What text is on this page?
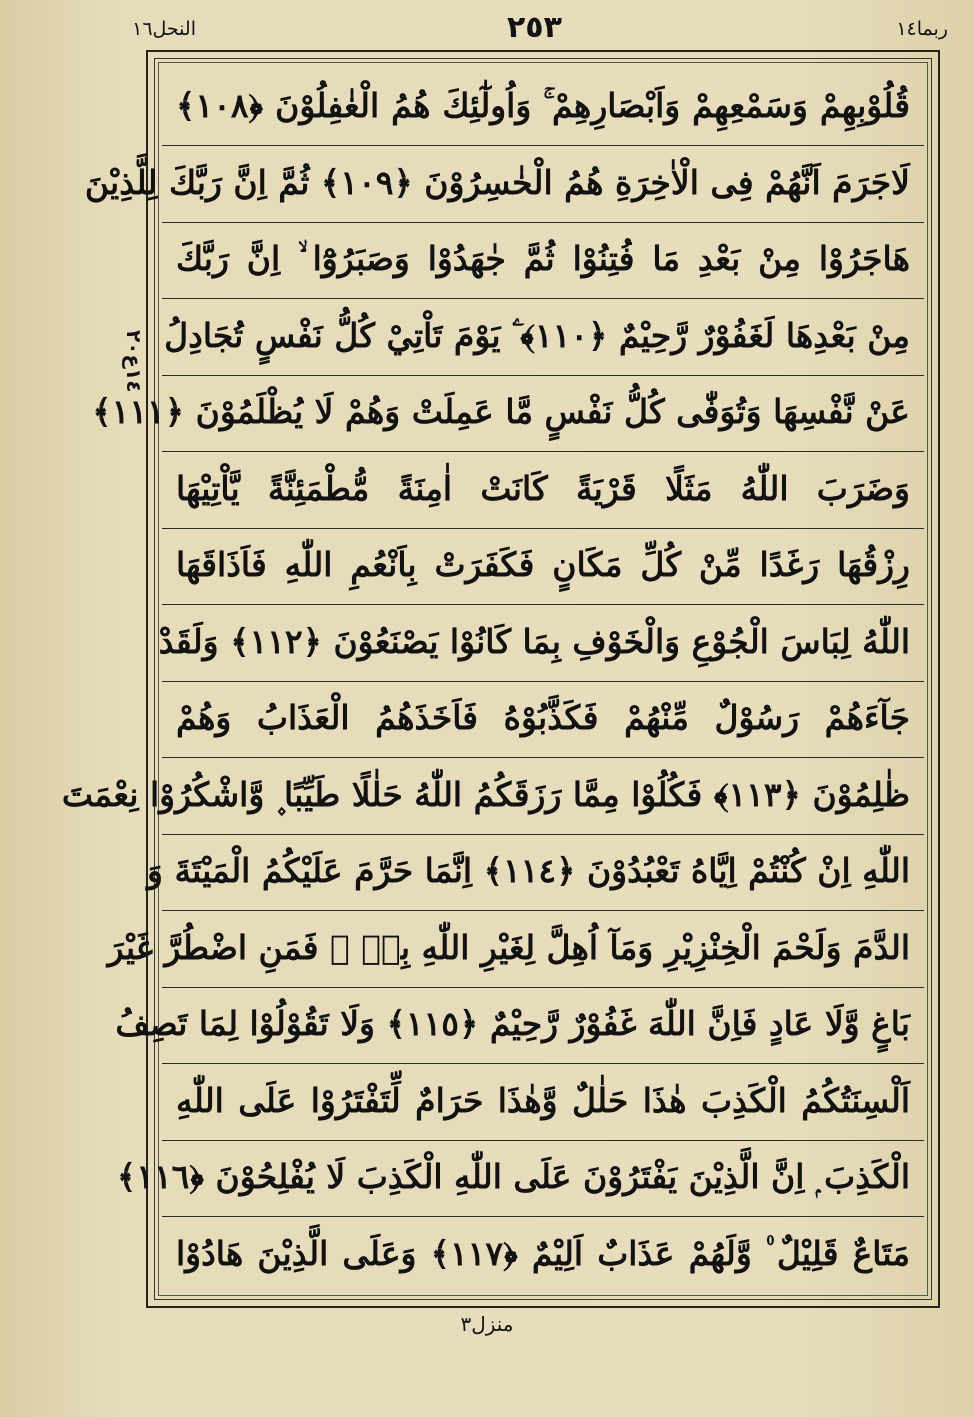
النحل١٦	٢٥٣	ربما١٤
١٤ع٢٠
قُلُوْبِهِمْ وَسَمْعِهِمْ وَاَبْصَارِهِمْ ۚ وَاُولٰٓئِكَ هُمُ الْغٰفِلُوْنَ ﴿١٠٨﴾
لَاجَرَمَ اَنَّهُمْ فِى الْاٰخِرَةِ هُمُ الْخٰسِرُوْنَ ﴿١٠٩﴾ ثُمَّ اِنَّ رَبَّكَ لِلَّذِيْنَ
هَاجَرُوْا مِنْ بَعْدِ مَا فُتِنُوْا ثُمَّ جٰهَدُوْا وَصَبَرُوْٓا ۙ اِنَّ رَبَّكَ
مِنْ بَعْدِهَا لَغَفُوْرٌ رَّحِيْمٌ ﴿١١٠﴾ ۧ يَوْمَ تَاْتِيْ كُلُّ نَفْسٍ تُجَادِلُ
عَنْ نَّفْسِهَا وَتُوَفّٰى كُلُّ نَفْسٍ مَّا عَمِلَتْ وَهُمْ لَا يُظْلَمُوْنَ ﴿١١١﴾
وَضَرَبَ اللّٰهُ مَثَلًا قَرْيَةً كَانَتْ اٰمِنَةً مُّطْمَئِنَّةً يَّاْتِيْهَا
رِزْقُهَا رَغَدًا مِّنْ كُلِّ مَكَانٍ فَكَفَرَتْ بِاَنْعُمِ اللّٰهِ فَاَذَاقَهَا
اللّٰهُ لِبَاسَ الْجُوْعِ وَالْخَوْفِ بِمَا كَانُوْا يَصْنَعُوْنَ ﴿١١٢﴾ وَلَقَدْ
جَآءَهُمْ رَسُوْلٌ مِّنْهُمْ فَكَذَّبُوْهُ فَاَخَذَهُمُ الْعَذَابُ وَهُمْ
ظٰلِمُوْنَ ﴿١١٣﴾ فَكُلُوْا مِمَّا رَزَقَكُمُ اللّٰهُ حَلٰلًا طَيِّبًا ۪ وَّاشْكُرُوْا نِعْمَتَ
اللّٰهِ اِنْ كُنْتُمْ اِيَّاهُ تَعْبُدُوْنَ ﴿١١٤﴾ اِنَّمَا حَرَّمَ عَلَيْكُمُ الْمَيْتَةَ وَ
الدَّمَ وَلَحْمَ الْخِنْزِيْرِ وَمَآ اُهِلَّ لِغَيْرِ اللّٰهِ بِهٖ ۚ فَمَنِ اضْطُرَّ غَيْرَ
بَاغٍ وَّلَا عَادٍ فَاِنَّ اللّٰهَ غَفُوْرٌ رَّحِيْمٌ ﴿١١٥﴾ وَلَا تَقُوْلُوْا لِمَا تَصِفُ
اَلْسِنَتُكُمُ الْكَذِبَ هٰذَا حَلٰلٌ وَّهٰذَا حَرَامٌ لِّتَفْتَرُوْا عَلَى اللّٰهِ
الْكَذِبَ ۭ اِنَّ الَّذِيْنَ يَفْتَرُوْنَ عَلَى اللّٰهِ الْكَذِبَ لَا يُفْلِحُوْنَ ﴿١١٦﴾
مَتَاعٌ قَلِيْلٌ ۠ وَّلَهُمْ عَذَابٌ اَلِيْمٌ ﴿١١٧﴾ وَعَلَى الَّذِيْنَ هَادُوْا
منزل٣
